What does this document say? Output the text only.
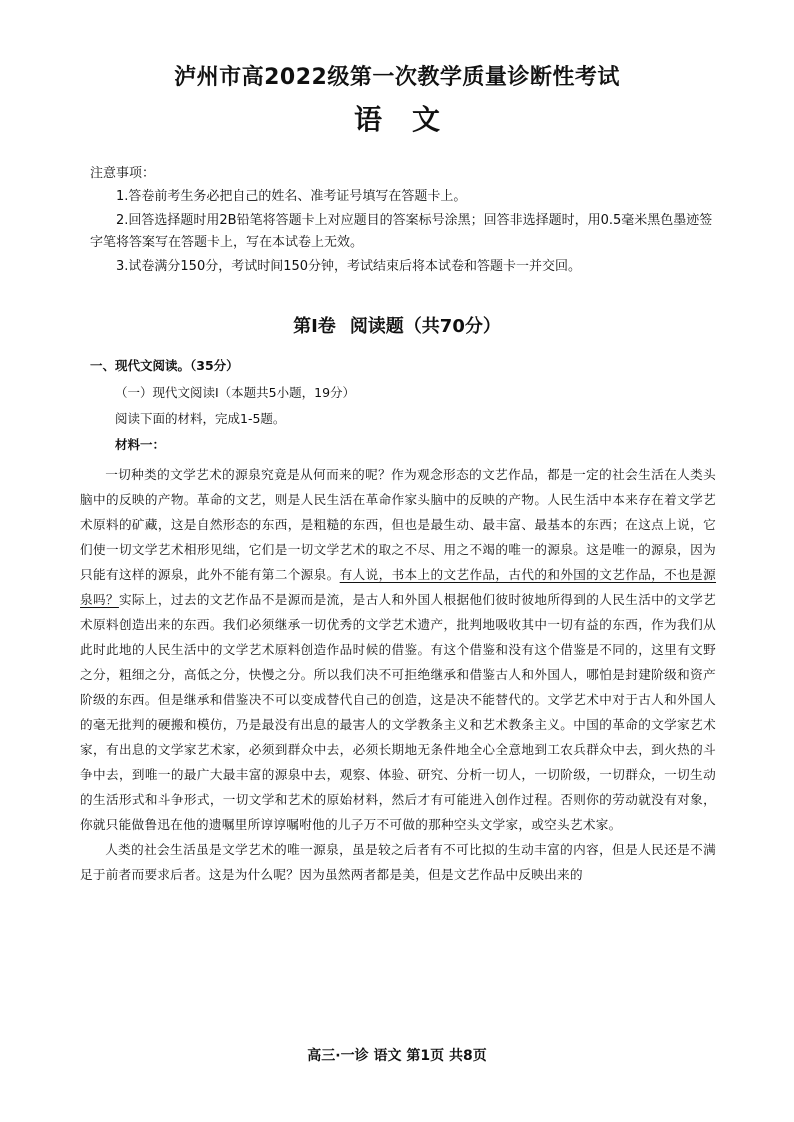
泸州市高2022级第一次教学质量诊断性考试
语文
注意事项：

1.答卷前考生务必把自己的姓名、准考证号填写在答题卡上。

2.回答选择题时用2B铅笔将答题卡上对应题目的答案标号涂黑；回答非选择题时，用0.5毫米黑色墨迹签字笔将答案写在答题卡上，写在本试卷上无效。

3.试卷满分150分，考试时间150分钟，考试结束后将本试卷和答题卡一并交回。

第Ⅰ卷 阅读题（共70分）
一、现代文阅读。（35分）
（一）现代文阅读Ⅰ（本题共5小题，19分）
阅读下面的材料，完成1-5题。
材料一：

一切种类的文学艺术的源泉究竟是从何而来的呢？作为观念形态的文艺作品，都是一定的社会生活在人类头脑中的反映的产物。革命的文艺，则是人民生活在革命作家头脑中的反映的产物。人民生活中本来存在着文学艺术原料的矿藏，这是自然形态的东西，是粗糙的东西，但也是最生动、最丰富、最基本的东西；在这点上说，它们使一切文学艺术相形见绌，它们是一切文学艺术的取之不尽、用之不竭的唯一的源泉。这是唯一的源泉，因为只能有这样的源泉，此外不能有第二个源泉。有人说，书本上的文艺作品，古代的和外国的文艺作品，不也是源泉吗？实际上，过去的文艺作品不是源而是流，是古人和外国人根据他们彼时彼地所得到的人民生活中的文学艺术原料创造出来的东西。我们必须继承一切优秀的文学艺术遗产，批判地吸收其中一切有益的东西，作为我们从此时此地的人民生活中的文学艺术原料创造作品时候的借鉴。有这个借鉴和没有这个借鉴是不同的，这里有文野之分，粗细之分，高低之分，快慢之分。所以我们决不可拒绝继承和借鉴古人和外国人，哪怕是封建阶级和资产阶级的东西。但是继承和借鉴决不可以变成替代自己的创造，这是决不能替代的。文学艺术中对于古人和外国人的毫无批判的硬搬和模仿，乃是最没有出息的最害人的文学教条主义和艺术教条主义。中国的革命的文学家艺术家，有出息的文学家艺术家，必须到群众中去，必须长期地无条件地全心全意地到工农兵群众中去，到火热的斗争中去，到唯一的最广大最丰富的源泉中去，观察、体验、研究、分析一切人，一切阶级，一切群众，一切生动的生活形式和斗争形式，一切文学和艺术的原始材料，然后才有可能进入创作过程。否则你的劳动就没有对象，你就只能做鲁迅在他的遗嘱里所谆谆嘱咐他的儿子万不可做的那种空头文学家，或空头艺术家。

人类的社会生活虽是文学艺术的唯一源泉，虽是较之后者有不可比拟的生动丰富的内容，但是人民还是不满足于前者而要求后者。这是为什么呢？因为虽然两者都是美，但是文艺作品中反映出来的

高三·一诊 语文 第1页 共8页
